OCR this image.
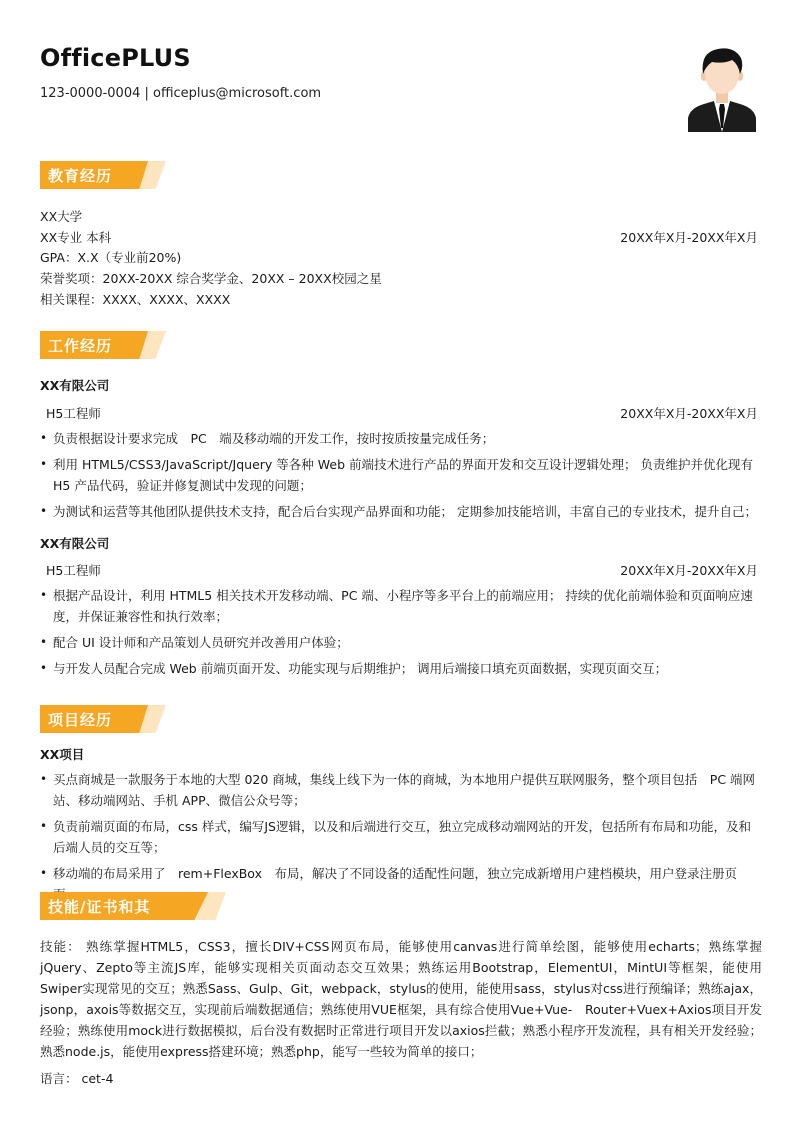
OfficePLUS
123-0000-0004 | officeplus@microsoft.com
教育经历
XX大学
XX专业 本科	20XX年X月-20XX年X月
GPA：X.X（专业前20%)
荣誉奖项：20XX-20XX 综合奖学金、20XX – 20XX校园之星
相关课程：XXXX、XXXX、XXXX
工作经历
XX有限公司
H5工程师	20XX年X月-20XX年X月
• 负责根据设计要求完成　PC　端及移动端的开发工作，按时按质按量完成任务；
• 利用 HTML5/CSS3/JavaScript/Jquery 等各种 Web 前端技术进行产品的界面开发和交互设计逻辑处理； 负责维护并优化现有 H5 产品代码，验证并修复测试中发现的问题；
• 为测试和运营等其他团队提供技术支持，配合后台实现产品界面和功能； 定期参加技能培训，丰富自己的专业技术，提升自己；
XX有限公司
H5工程师	20XX年X月-20XX年X月
• 根据产品设计，利用 HTML5 相关技术开发移动端、PC 端、小程序等多平台上的前端应用； 持续的优化前端体验和页面响应速度，并保证兼容性和执行效率；
• 配合 UI 设计师和产品策划人员研究并改善用户体验；
• 与开发人员配合完成 Web 前端页面开发、功能实现与后期维护； 调用后端接口填充页面数据，实现页面交互；
项目经历
XX项目
• 买点商城是一款服务于本地的大型 020 商城，集线上线下为一体的商城，为本地用户提供互联网服务，整个项目包括　PC 端网站、移动端网站、手机 APP、微信公众号等；
• 负责前端页面的布局，css 样式，编写JS逻辑，以及和后端进行交互，独立完成移动端网站的开发，包括所有布局和功能，及和后端人员的交互等；
• 移动端的布局采用了　rem+FlexBox　布局，解决了不同设备的适配性问题，独立完成新增用户建档模块，用户登录注册页
技能/证书和其他
技能： 熟练掌握HTML5，CSS3，擅长DIV+CSS网页布局，能够使用canvas进行简单绘图，能够使用echarts；熟练掌握jQuery、Zepto等主流JS库，能够实现相关页面动态交互效果；熟练运用Bootstrap，ElementUI，MintUI等框架，能使用Swiper实现常见的交互；熟悉Sass、Gulp、Git，webpack，stylus的使用，能使用sass，stylus对css进行预编译；熟练ajax，jsonp，axois等数据交互，实现前后端数据通信；熟练使用VUE框架，具有综合使用Vue+Vue-　Router+Vuex+Axios项目开发经验；熟练使用mock进行数据模拟，后台没有数据时正常进行项目开发以axios拦截；熟悉小程序开发流程，具有相关开发经验；熟悉node.js，能使用express搭建环境；熟悉php，能写一些较为简单的接口；
语言： cet-4
